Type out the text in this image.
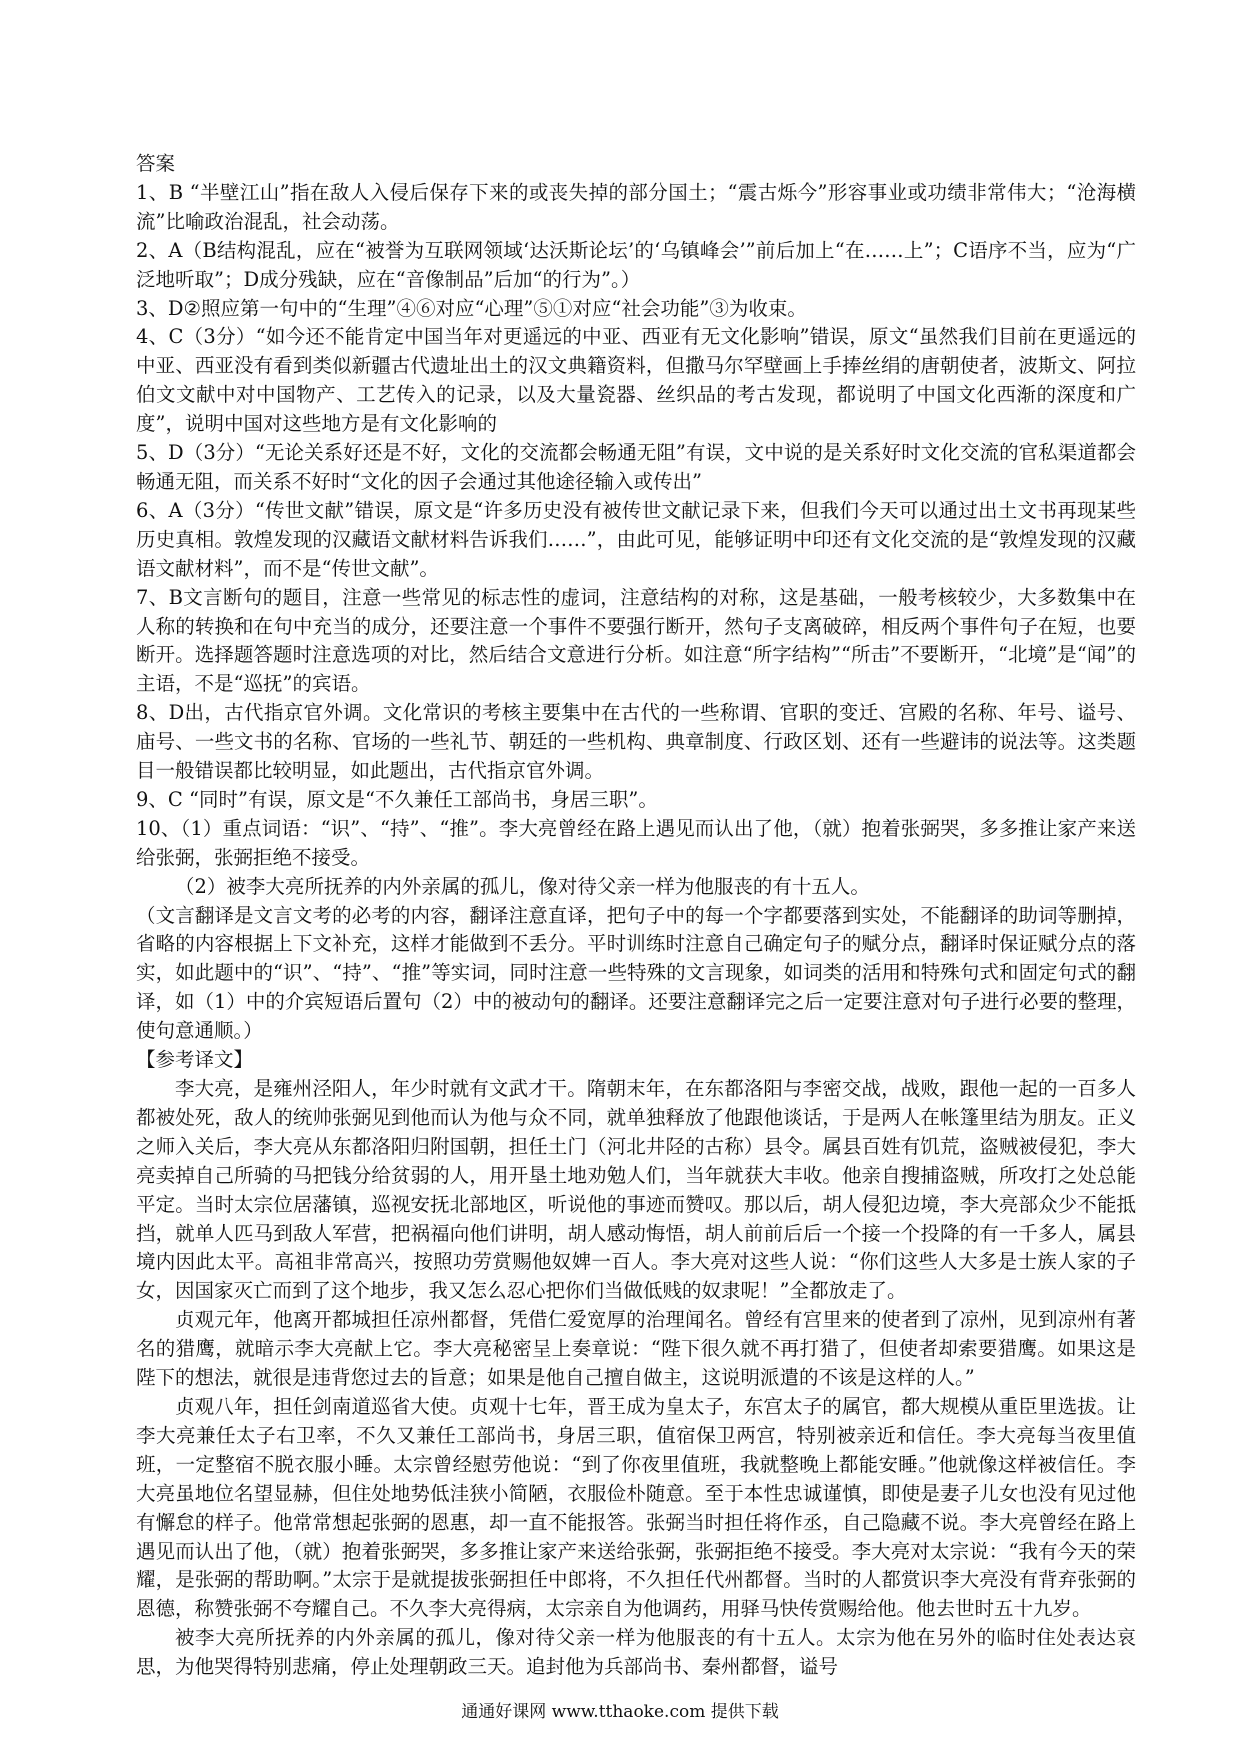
答案

1、B “半壁江山”指在敌人入侵后保存下来的或丧失掉的部分国土；“震古烁今”形容事业或功绩非常伟大；“沧海横流”比喻政治混乱，社会动荡。

2、A（B结构混乱，应在“被誉为互联网领域‘达沃斯论坛’的‘乌镇峰会’”前后加上“在……上”；C语序不当，应为“广泛地听取”；D成分残缺，应在“音像制品”后加“的行为”。）

3、D②照应第一句中的“生理”④⑥对应“心理”⑤①对应“社会功能”③为收束。

4、C（3分）“如今还不能肯定中国当年对更遥远的中亚、西亚有无文化影响”错误，原文“虽然我们目前在更遥远的中亚、西亚没有看到类似新疆古代遗址出土的汉文典籍资料，但撒马尔罕壁画上手捧丝绢的唐朝使者，波斯文、阿拉伯文文献中对中国物产、工艺传入的记录，以及大量瓷器、丝织品的考古发现，都说明了中国文化西渐的深度和广度”，说明中国对这些地方是有文化影响的

5、D（3分）“无论关系好还是不好，文化的交流都会畅通无阻”有误，文中说的是关系好时文化交流的官私渠道都会畅通无阻，而关系不好时“文化的因子会通过其他途径输入或传出”

6、A（3分）“传世文献”错误，原文是“许多历史没有被传世文献记录下来，但我们今天可以通过出土文书再现某些历史真相。敦煌发现的汉藏语文献材料告诉我们……”，由此可见，能够证明中印还有文化交流的是“敦煌发现的汉藏语文献材料”，而不是“传世文献”。

7、B文言断句的题目，注意一些常见的标志性的虚词，注意结构的对称，这是基础，一般考核较少，大多数集中在人称的转换和在句中充当的成分，还要注意一个事件不要强行断开，然句子支离破碎，相反两个事件句子在短，也要断开。选择题答题时注意选项的对比，然后结合文意进行分析。如注意“所字结构”“所击”不要断开，“北境”是“闻”的主语，不是“巡抚”的宾语。

8、D出，古代指京官外调。文化常识的考核主要集中在古代的一些称谓、官职的变迁、宫殿的名称、年号、谥号、庙号、一些文书的名称、官场的一些礼节、朝廷的一些机构、典章制度、行政区划、还有一些避讳的说法等。这类题目一般错误都比较明显，如此题出，古代指京官外调。

9、C “同时”有误，原文是“不久兼任工部尚书，身居三职”。

10、（1）重点词语：“识”、“持”、“推”。李大亮曾经在路上遇见而认出了他，（就）抱着张弼哭，多多推让家产来送给张弼，张弼拒绝不接受。

（2）被李大亮所抚养的内外亲属的孤儿，像对待父亲一样为他服丧的有十五人。

（文言翻译是文言文考的必考的内容，翻译注意直译，把句子中的每一个字都要落到实处，不能翻译的助词等删掉，省略的内容根据上下文补充，这样才能做到不丢分。平时训练时注意自己确定句子的赋分点，翻译时保证赋分点的落实，如此题中的“识”、“持”、“推”等实词，同时注意一些特殊的文言现象，如词类的活用和特殊句式和固定句式的翻译，如（1）中的介宾短语后置句（2）中的被动句的翻译。还要注意翻译完之后一定要注意对句子进行必要的整理，使句意通顺。）

【参考译文】

李大亮，是雍州泾阳人，年少时就有文武才干。隋朝末年，在东都洛阳与李密交战，战败，跟他一起的一百多人都被处死，敌人的统帅张弼见到他而认为他与众不同，就单独释放了他跟他谈话，于是两人在帐篷里结为朋友。正义之师入关后，李大亮从东都洛阳归附国朝，担任土门（河北井陉的古称）县令。属县百姓有饥荒，盗贼被侵犯，李大亮卖掉自己所骑的马把钱分给贫弱的人，用开垦土地劝勉人们，当年就获大丰收。他亲自搜捕盗贼，所攻打之处总能平定。当时太宗位居藩镇，巡视安抚北部地区，听说他的事迹而赞叹。那以后，胡人侵犯边境，李大亮部众少不能抵挡，就单人匹马到敌人军营，把祸福向他们讲明，胡人感动悔悟，胡人前前后后一个接一个投降的有一千多人，属县境内因此太平。高祖非常高兴，按照功劳赏赐他奴婢一百人。李大亮对这些人说：“你们这些人大多是士族人家的子女，因国家灭亡而到了这个地步，我又怎么忍心把你们当做低贱的奴隶呢！”全都放走了。

贞观元年，他离开都城担任凉州都督，凭借仁爱宽厚的治理闻名。曾经有宫里来的使者到了凉州，见到凉州有著名的猎鹰，就暗示李大亮献上它。李大亮秘密呈上奏章说：“陛下很久就不再打猎了，但使者却索要猎鹰。如果这是陛下的想法，就很是违背您过去的旨意；如果是他自己擅自做主，这说明派遣的不该是这样的人。”

贞观八年，担任剑南道巡省大使。贞观十七年，晋王成为皇太子，东宫太子的属官，都大规模从重臣里选拔。让李大亮兼任太子右卫率，不久又兼任工部尚书，身居三职，值宿保卫两宫，特别被亲近和信任。李大亮每当夜里值班，一定整宿不脱衣服小睡。太宗曾经慰劳他说：“到了你夜里值班，我就整晚上都能安睡。”他就像这样被信任。李大亮虽地位名望显赫，但住处地势低洼狭小简陋，衣服俭朴随意。至于本性忠诚谨慎，即使是妻子儿女也没有见过他有懈怠的样子。他常常想起张弼的恩惠，却一直不能报答。张弼当时担任将作丞，自己隐藏不说。李大亮曾经在路上遇见而认出了他，（就）抱着张弼哭，多多推让家产来送给张弼，张弼拒绝不接受。李大亮对太宗说：“我有今天的荣耀，是张弼的帮助啊。”太宗于是就提拔张弼担任中郎将，不久担任代州都督。当时的人都赏识李大亮没有背弃张弼的恩德，称赞张弼不夸耀自己。不久李大亮得病，太宗亲自为他调药，用驿马快传赏赐给他。他去世时五十九岁。

被李大亮所抚养的内外亲属的孤儿，像对待父亲一样为他服丧的有十五人。太宗为他在另外的临时住处表达哀思，为他哭得特别悲痛，停止处理朝政三天。追封他为兵部尚书、秦州都督，谥号

通通好课网 www.tthaoke.com 提供下载
